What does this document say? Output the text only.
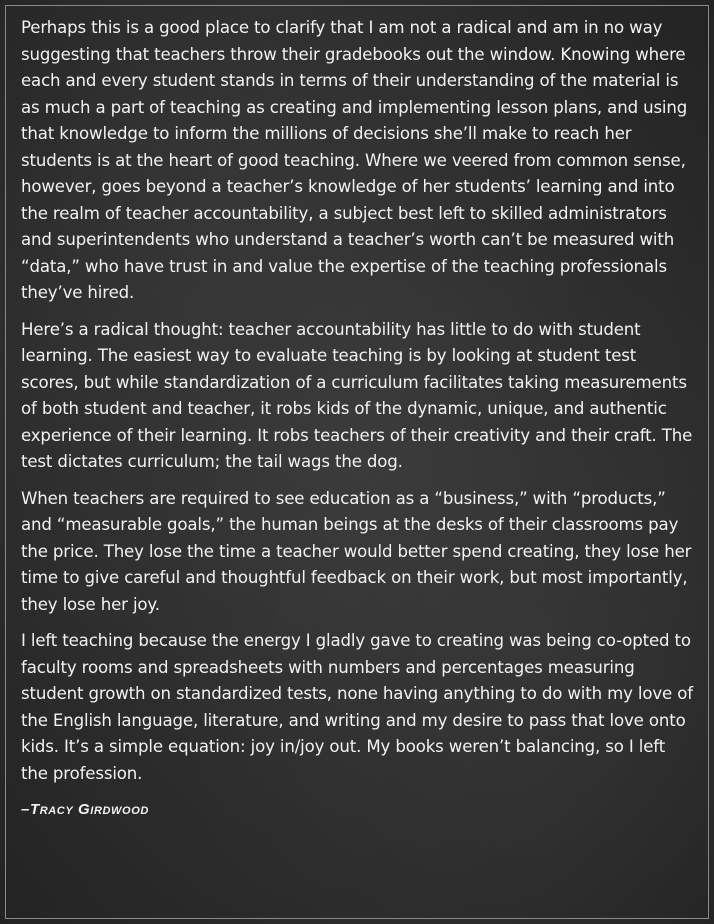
Perhaps this is a good place to clarify that I am not a radical and am in no way suggesting that teachers throw their gradebooks out the window. Knowing where each and every student stands in terms of their understanding of the material is as much a part of teaching as creating and implementing lesson plans, and using that knowledge to inform the millions of decisions she’ll make to reach her students is at the heart of good teaching. Where we veered from common sense, however, goes beyond a teacher’s knowledge of her students’ learning and into the realm of teacher accountability, a subject best left to skilled administrators and superintendents who understand a teacher’s worth can’t be measured with “data,” who have trust in and value the expertise of the teaching professionals they’ve hired.

Here’s a radical thought: teacher accountability has little to do with student learning. The easiest way to evaluate teaching is by looking at student test scores, but while standardization of a curriculum facilitates taking measurements of both student and teacher, it robs kids of the dynamic, unique, and authentic experience of their learning. It robs teachers of their creativity and their craft. The test dictates curriculum; the tail wags the dog.

When teachers are required to see education as a “business,” with “products,” and “measurable goals,” the human beings at the desks of their classrooms pay the price. They lose the time a teacher would better spend creating, they lose her time to give careful and thoughtful feedback on their work, but most importantly, they lose her joy.

I left teaching because the energy I gladly gave to creating was being co-opted to faculty rooms and spreadsheets with numbers and percentages measuring student growth on standardized tests, none having anything to do with my love of the English language, literature, and writing and my desire to pass that love onto kids. It’s a simple equation: joy in/joy out. My books weren’t balancing, so I left the profession.

–Tracy Girdwood
